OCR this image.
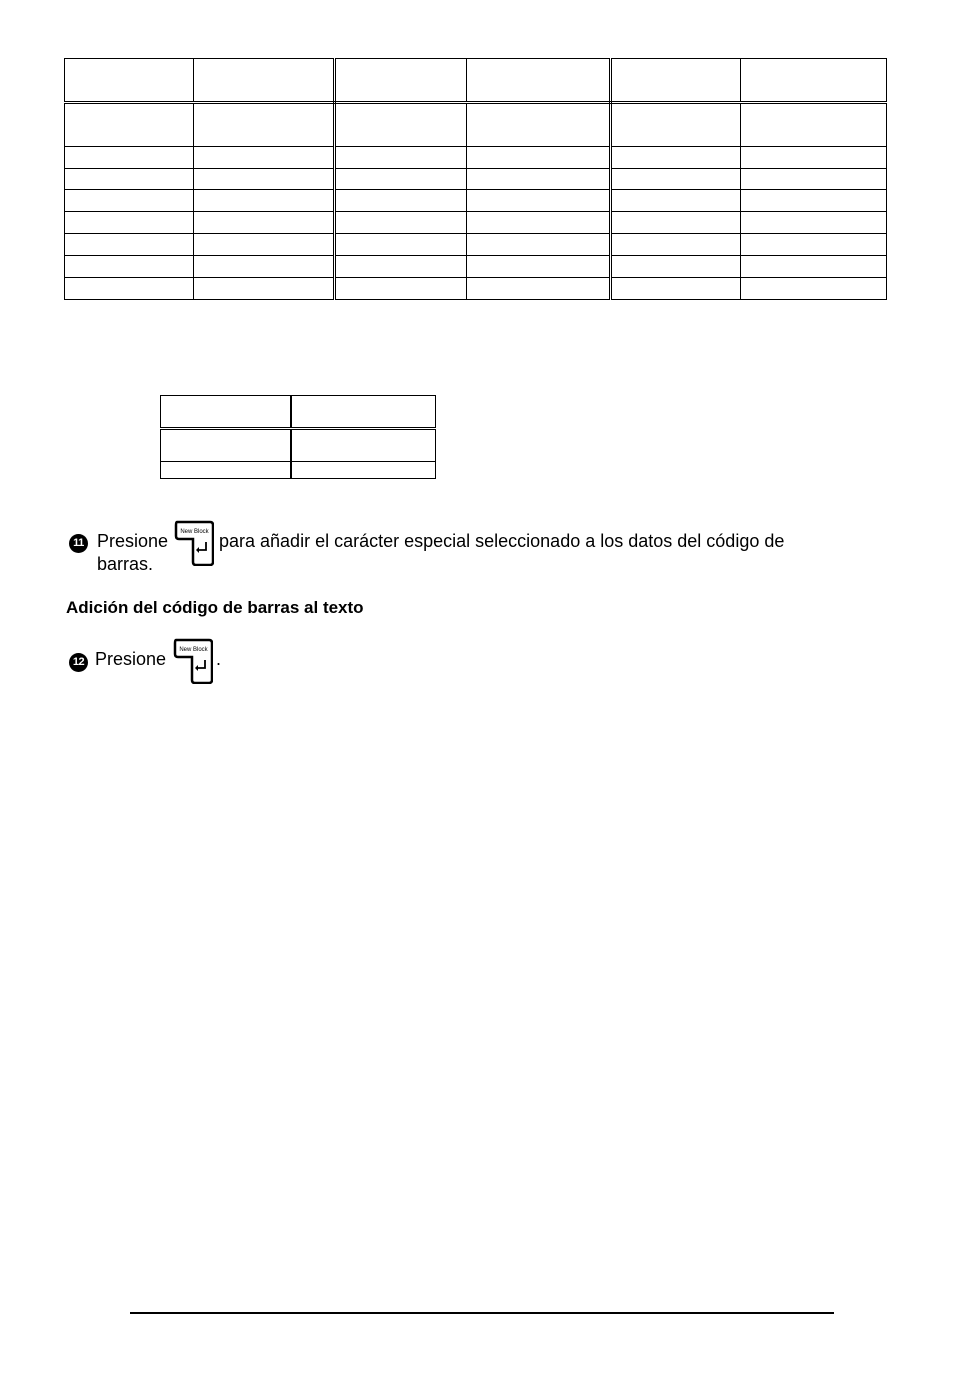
11 Presione New Block para añadir el carácter especial seleccionado a los datos del código de
barras.
Adición del código de barras al texto
12 Presione New Block .
